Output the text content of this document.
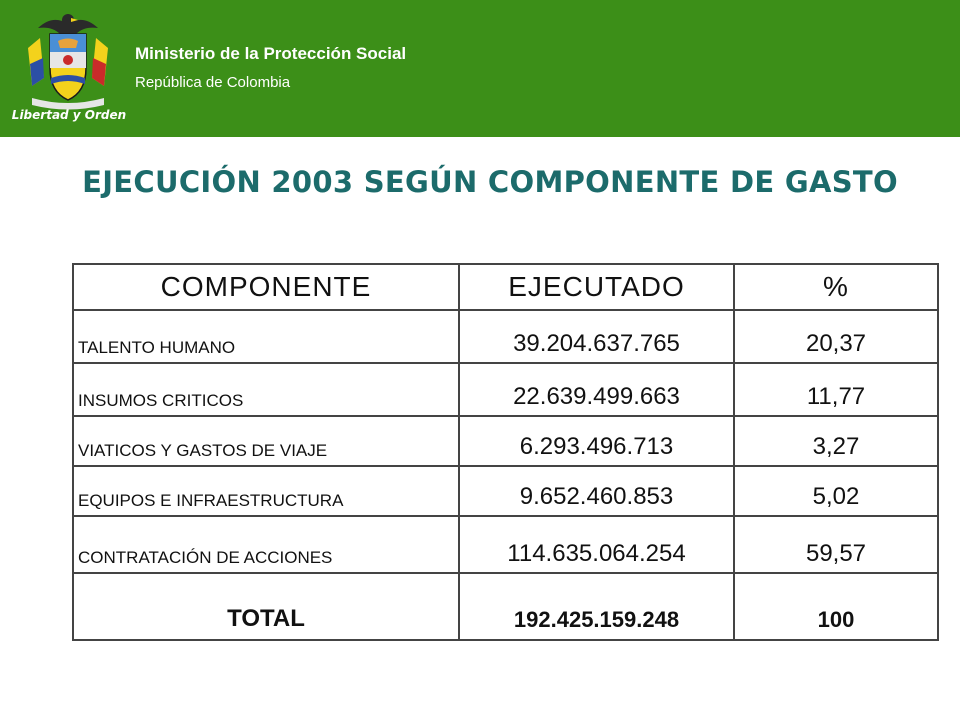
Libertad y Orden
Ministerio de la Protección Social
República de Colombia
EJECUCIÓN 2003 SEGÚN COMPONENTE DE GASTO
COMPONENTE	EJECUTADO	%
TALENTO HUMANO	39.204.637.765	20,37
INSUMOS CRITICOS	22.639.499.663	11,77
VIATICOS Y GASTOS DE VIAJE	6.293.496.713	3,27
EQUIPOS E INFRAESTRUCTURA	9.652.460.853	5,02
CONTRATACIÓN DE ACCIONES	114.635.064.254	59,57
TOTAL	192.425.159.248	100
